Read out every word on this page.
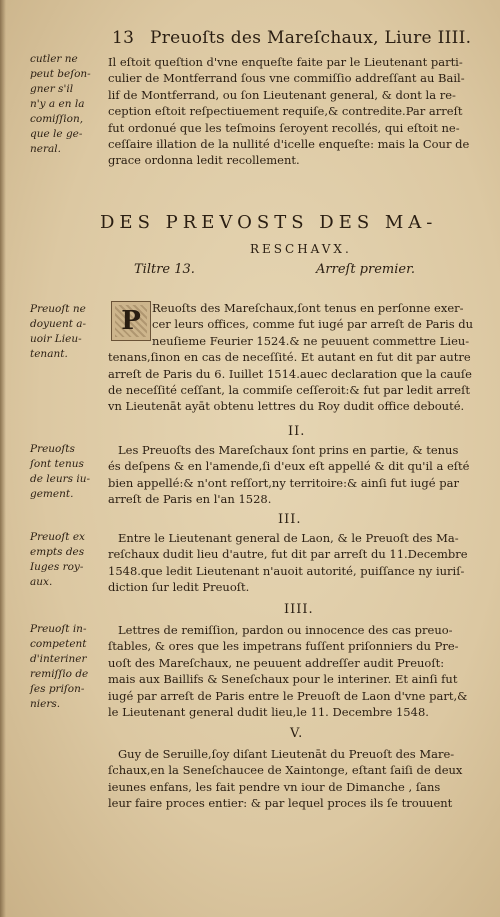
13 Preuoſts des Mareſchaux, Liure IIII.
cutler ne
peut beſon-
gner s'il
n'y a en la
comiſſion,
que le ge-
neral.
Il eſtoit queſtion d'vne enqueſte faite par le Lieutenant parti-
culier de Montferrand ſous vne commiſſio addreſſant au Bail-
lif de Montferrand, ou ſon Lieutenant general, & dont la re-
ception eſtoit reſpectiuement requiſe,& contredite.Par arreſt
fut ordonué que les teſmoins ſeroyent recollés, qui eſtoit ne-
ceſſaire illation de la nullité d'icelle enqueſte: mais la Cour de
grace ordonna ledit recollement.
DES PREVOSTS DES MA-
RESCHAVX.
Tiltre 13.	Arreſt premier.
Preuoſt ne
doyuent a-
uoir Lieu-
tenant.
P Reuoſts des Mareſchaux,ſont tenus en perſonne exer-
cer leurs offices, comme fut iugé par arreſt de Paris du
neuſieme Feurier 1524.& ne peuuent commettre Lieu-
tenans,ſinon en cas de neceſſité. Et autant en fut dit par autre
arreſt de Paris du 6. Iuillet 1514.auec declaration que la cauſe
de neceſſité ceſſant, la commiſe ceſſeroit:& fut par ledit arreſt
vn Lieutenāt ayāt obtenu lettres du Roy dudit office debouté.
II.
Preuoſts
ſont tenus
de leurs iu-
gement.
Les Preuoſts des Mareſchaux ſont prins en partie, & tenus
és deſpens & en l'amende,ſi d'eux eſt appellé & dit qu'il a eſté
bien appellé:& n'ont reſſort,ny territoire:& ainſi fut iugé par
arreſt de Paris en l'an 1528.
III.
Preuoſt ex
empts des
Iuges roy-
aux.
Entre le Lieutenant general de Laon, & le Preuoſt des Ma-
reſchaux dudit lieu d'autre, fut dit par arreſt du 11.Decembre
1548.que ledit Lieutenant n'auoit autorité, puiſſance ny iuriſ-
diction ſur ledit Preuoſt.
IIII.
Preuoſt in-
competent
d'interiner
remiſſio de
ſes priſon-
niers.
Lettres de remiſſion, pardon ou innocence des cas preuo-
ſtables, & ores que les impetrans fuſſent priſonniers du Pre-
uoſt des Mareſchaux, ne peuuent addreſſer audit Preuoſt:
mais aux Baillifs & Seneſchaux pour le interiner. Et ainſi fut
iugé par arreſt de Paris entre le Preuoſt de Laon d'vne part,&
le Lieutenant general dudit lieu,le 11. Decembre 1548.
V.
Guy de Seruille,ſoy diſant Lieutenāt du Preuoſt des Mare-
ſchaux,en la Seneſchaucee de Xaintonge, eſtant ſaiſi de deux
ieunes enfans, les fait pendre vn iour de Dimanche , ſans
leur faire proces entier: & par lequel proces ils ſe trouuent
